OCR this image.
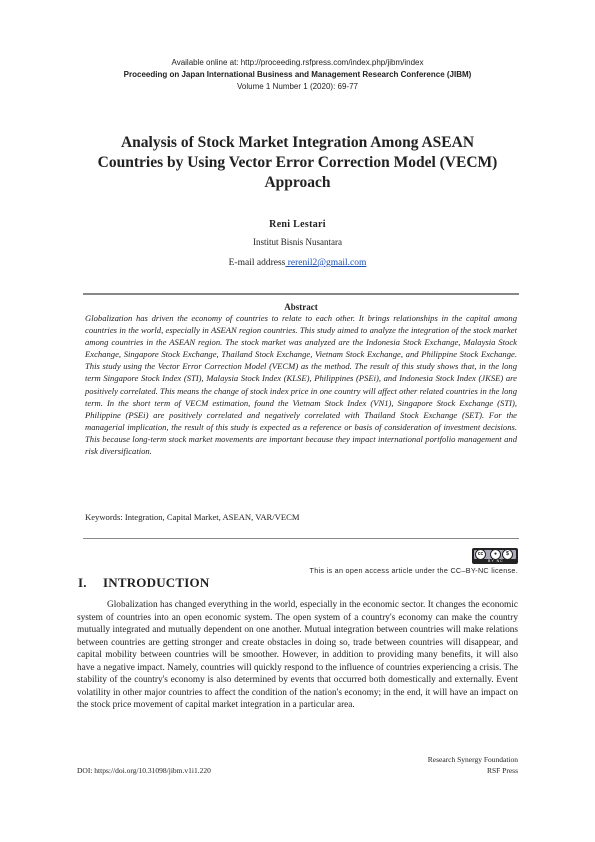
Available online at: http://proceeding.rsfpress.com/index.php/jibm/index
Proceeding on Japan International Business and Management Research Conference (JIBM)
Volume 1 Number 1 (2020): 69-77
Analysis of Stock Market Integration Among ASEAN
Countries by Using Vector Error Correction Model (VECM)
Approach
Reni Lestari
Institut Bisnis Nusantara
E-mail address rerenil2@gmail.com
Abstract
Globalization has driven the economy of countries to relate to each other. It brings relationships in the capital among countries in the world, especially in ASEAN region countries. This study aimed to analyze the integration of the stock market among countries in the ASEAN region. The stock market was analyzed are the Indonesia Stock Exchange, Malaysia Stock Exchange, Singapore Stock Exchange, Thailand Stock Exchange, Vietnam Stock Exchange, and Philippine Stock Exchange. This study using the Vector Error Correction Model (VECM) as the method. The result of this study shows that, in the long term Singapore Stock Index (STI), Malaysia Stock Index (KLSE), Philippines (PSEi), and Indonesia Stock Index (JKSE) are positively correlated. This means the change of stock index price in one country will affect other related countries in the long term. In the short term of VECM estimation, found the Vietnam Stock Index (VN1), Singapore Stock Exchange (STI), Philippine (PSEi) are positively correlated and negatively correlated with Thailand Stock Exchange (SET). For the managerial implication, the result of this study is expected as a reference or basis of consideration of investment decisions. This because long-term stock market movements are important because they impact international portfolio management and risk diversification.
Keywords: Integration, Capital Market, ASEAN, VAR/VECM
cc	●	$
BY NC
This is an open access article under the CC–BY-NC license.
I. INTRODUCTION
Globalization has changed everything in the world, especially in the economic sector. It changes the economic system of countries into an open economic system. The open system of a country's economy can make the country mutually integrated and mutually dependent on one another. Mutual integration between countries will make relations between countries are getting stronger and create obstacles in doing so, trade between countries will disappear, and capital mobility between countries will be smoother. However, in addition to providing many benefits, it will also have a negative impact. Namely, countries will quickly respond to the influence of countries experiencing a crisis. The stability of the country's economy is also determined by events that occurred both domestically and externally. Event volatility in other major countries to affect the condition of the nation's economy; in the end, it will have an impact on the stock price movement of capital market integration in a particular area.
Research Synergy Foundation
RSF Press
DOI: https://doi.org/10.31098/jibm.v1i1.220
